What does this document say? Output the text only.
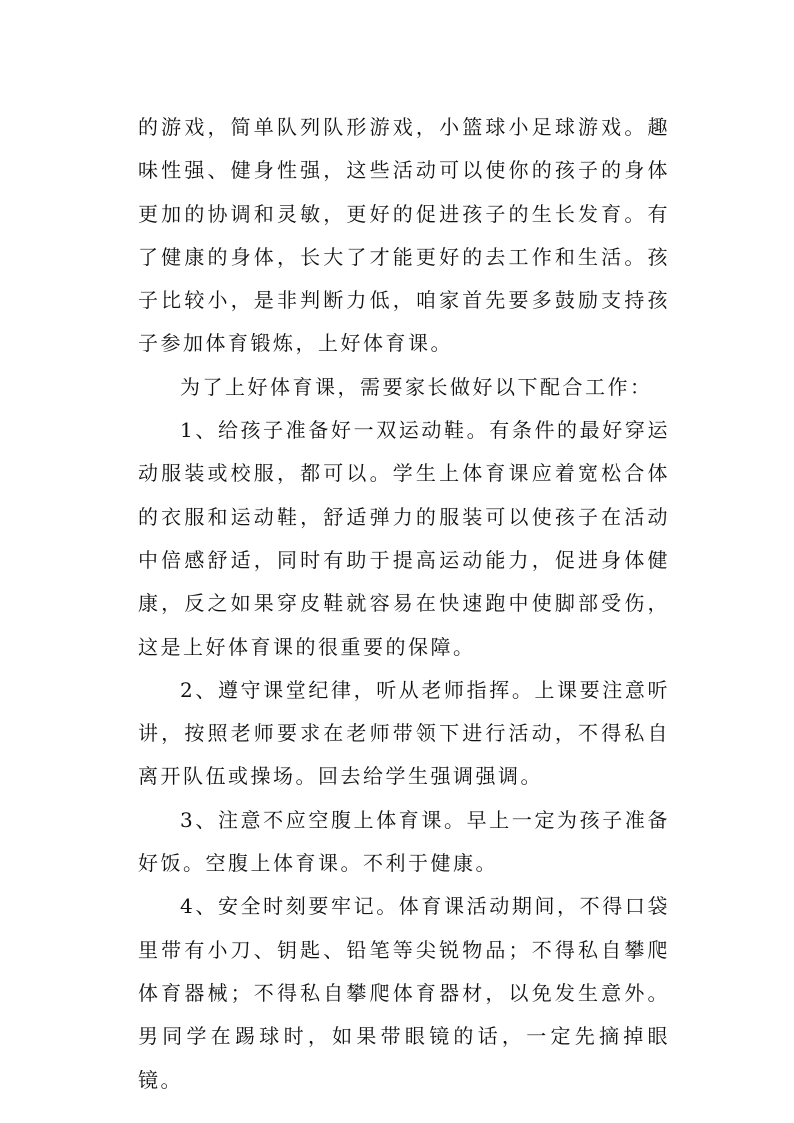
的游戏，简单队列队形游戏，小篮球小足球游戏。趣味性强、健身性强，这些活动可以使你的孩子的身体更加的协调和灵敏，更好的促进孩子的生长发育。有了健康的身体，长大了才能更好的去工作和生活。孩子比较小，是非判断力低，咱家首先要多鼓励支持孩子参加体育锻炼，上好体育课。

为了上好体育课，需要家长做好以下配合工作：

1、给孩子准备好一双运动鞋。有条件的最好穿运动服装或校服，都可以。学生上体育课应着宽松合体的衣服和运动鞋，舒适弹力的服装可以使孩子在活动中倍感舒适，同时有助于提高运动能力，促进身体健康，反之如果穿皮鞋就容易在快速跑中使脚部受伤，这是上好体育课的很重要的保障。

2、遵守课堂纪律，听从老师指挥。上课要注意听讲，按照老师要求在老师带领下进行活动，不得私自离开队伍或操场。回去给学生强调强调。

3、注意不应空腹上体育课。早上一定为孩子准备好饭。空腹上体育课。不利于健康。

4、安全时刻要牢记。体育课活动期间，不得口袋里带有小刀、钥匙、铅笔等尖锐物品；不得私自攀爬体育器械；不得私自攀爬体育器材，以免发生意外。男同学在踢球时，如果带眼镜的话，一定先摘掉眼镜。
